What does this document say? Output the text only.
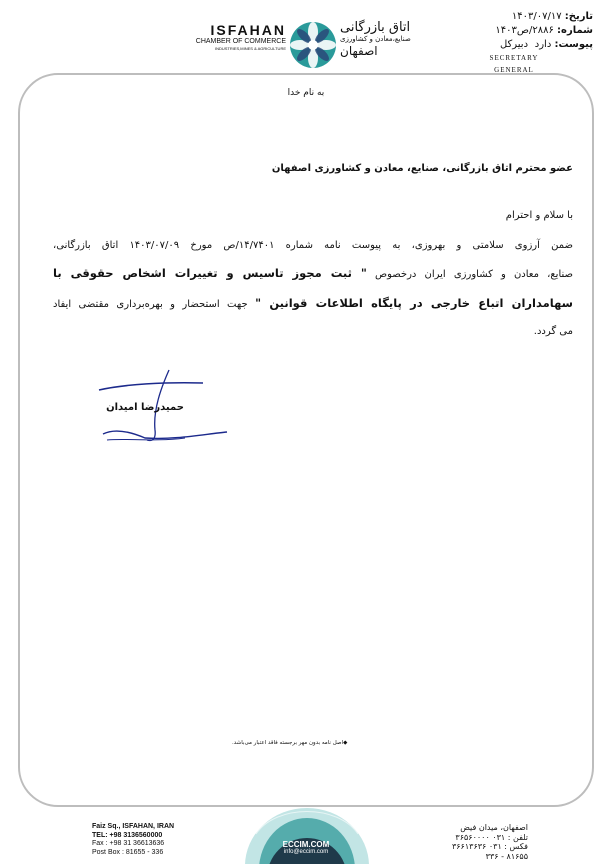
تاریخ: ۱۴۰۳/۰۷/۱۷
شماره: ۲۸۸۶/ص۱۴۰۳
پیوست: دارد
ISFAHAN
CHAMBER OF COMMERCE
INDUSTRIES,MINES & AGRICULTURE
اتاق بازرگانی
صنایع،معادن و کشاورزی
اصفهان	دبیرکل
SECRETARY GENERAL
به نام خدا
عضو محترم اتاق بازرگانی، صنایع، معادن و کشاورزی اصفهان
با سلام و احترام
ضمن آرزوی سلامتی و بهروزی، به پیوست نامه شماره ۱۴/۷۴۰۱/ص مورخ ۱۴۰۳/۰۷/۰۹ اتاق بازرگانی،
صنایع، معادن و کشاورزی ایران درخصوص " ثبت مجوز تاسیس و تغییرات اشخاص حقوقی با
سهامداران اتباع خارجی در پایگاه اطلاعات قوانین " جهت استحضار و بهره‌برداری مقتضی ایفاد
می گردد.
حمیدرضا امیدان
◆اصل نامه بدون مهر برجسته فاقد اعتبار می‌باشد.
ECCIM.COM
info@eccim.com
Faiz Sq., ISFAHAN, IRAN
TEL: +98 3136560000
Fax : +98 31 36613636
Post Box : 81655 - 336
اصفهان، میدان فیض
تلفن : ۰۳۱ ۳۶۵۶۰۰۰۰
فکس : ۰۳۱ ۳۶۶۱۳۶۳۶
۸۱۶۵۵ - ۳۳۶
